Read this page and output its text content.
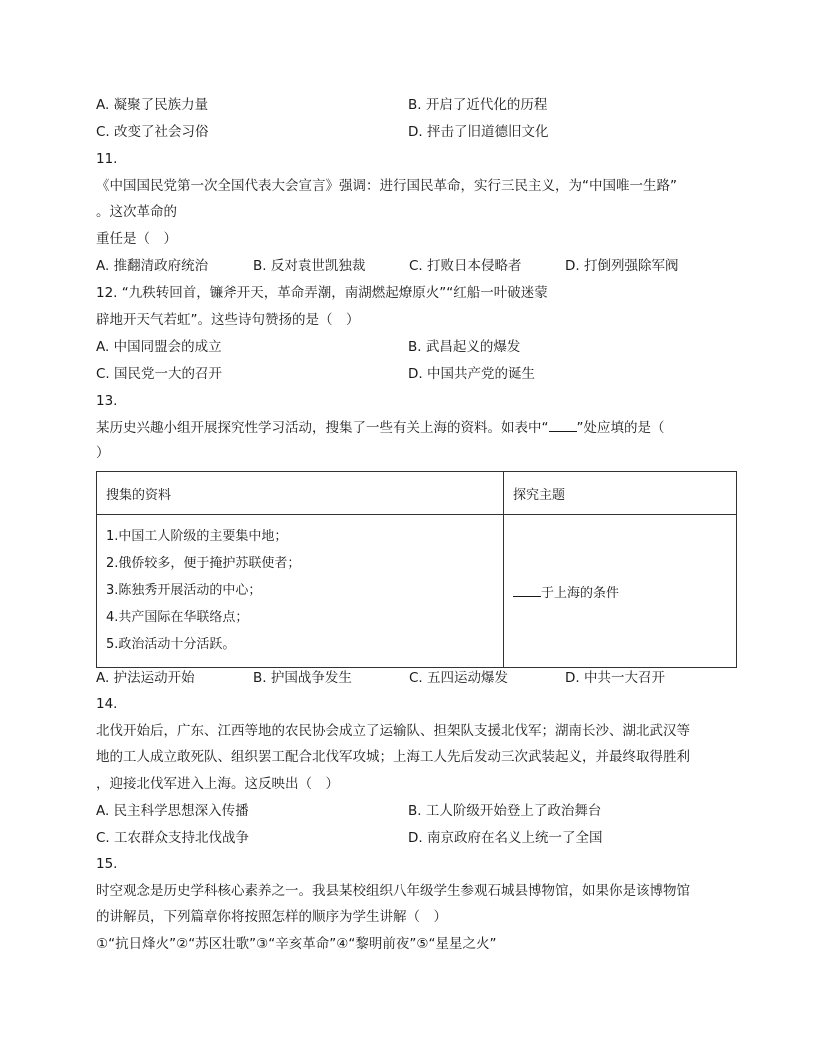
A. 凝聚了民族力量	B. 开启了近代化的历程
C. 改变了社会习俗	D. 抨击了旧道德旧文化
11.
《中国国民党第一次全国代表大会宣言》强调：进行国民革命，实行三民主义，为“中国唯一生路”
。这次革命的
重任是（　）
A. 推翻清政府统治	B. 反对袁世凯独裁	C. 打败日本侵略者	D. 打倒列强除军阀
12. “九秩转回首，镰斧开天，革命弄潮，南湖燃起燎原火”“红船一叶破迷蒙
辟地开天气若虹”。这些诗句赞扬的是（　）
A. 中国同盟会的成立	B. 武昌起义的爆发
C. 国民党一大的召开	D. 中国共产党的诞生
13.
某历史兴趣小组开展探究性学习活动，搜集了一些有关上海的资料。如表中“ ”处应填的是（
）
搜集的资料	探究主题

1.中国工人阶级的主要集中地；
2.俄侨较多，便于掩护苏联使者；
3.陈独秀开展活动的中心；
4.共产国际在华联络点；
5.政治活动十分活跃。	于上海的条件
A. 护法运动开始	B. 护国战争发生	C. 五四运动爆发	D. 中共一大召开
14.
北伐开始后，广东、江西等地的农民协会成立了运输队、担架队支援北伐军；湖南长沙、湖北武汉等
地的工人成立敢死队、组织罢工配合北伐军攻城；上海工人先后发动三次武装起义，并最终取得胜利
，迎接北伐军进入上海。这反映出（　）
A. 民主科学思想深入传播	B. 工人阶级开始登上了政治舞台
C. 工农群众支持北伐战争	D. 南京政府在名义上统一了全国
15.
时空观念是历史学科核心素养之一。我县某校组织八年级学生参观石城县博物馆，如果你是该博物馆
的讲解员，下列篇章你将按照怎样的顺序为学生讲解（　）
①“抗日烽火”②“苏区壮歌”③“辛亥革命”④“黎明前夜”⑤“星星之火”
